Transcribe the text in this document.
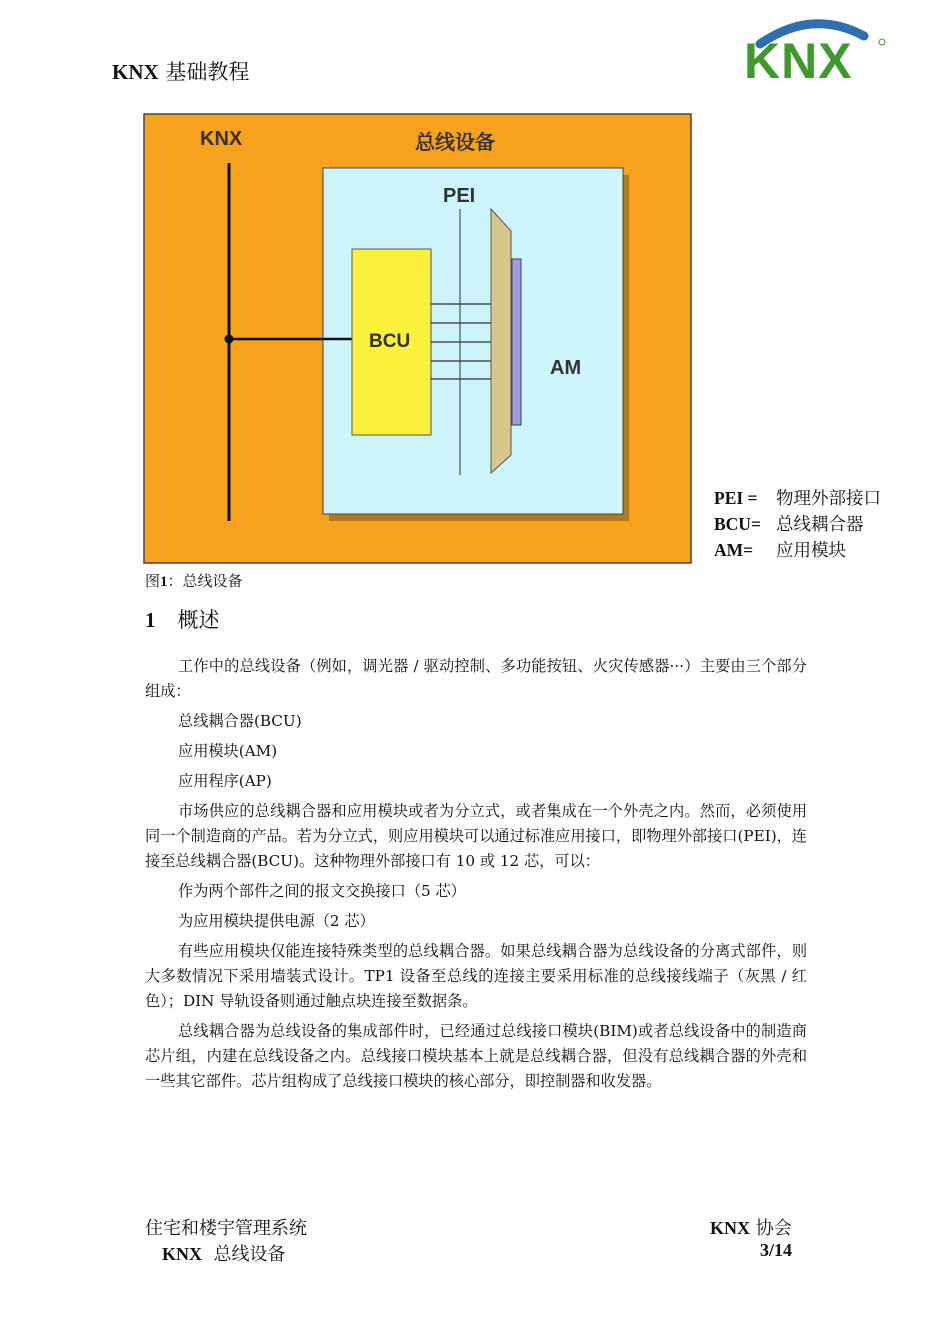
KNX 基础教程	KNX
KNX	总线设备
BCU
PEI
AM
PEI = 物理外部接口
BCU= 总线耦合器
AM= 应用模块
图1：总线设备
1 概述

工作中的总线设备（例如，调光器 / 驱动控制、多功能按钮、火灾传感器···）主要由三个部分组成：

总线耦合器(BCU)

应用模块(AM)

应用程序(AP)

市场供应的总线耦合器和应用模块或者为分立式，或者集成在一个外壳之内。然而，必须使用同一个制造商的产品。若为分立式，则应用模块可以通过标准应用接口，即物理外部接口(PEI)，连接至总线耦合器(BCU)。这种物理外部接口有 10 或 12 芯，可以：

作为两个部件之间的报文交换接口（5 芯）

为应用模块提供电源（2 芯）

有些应用模块仅能连接特殊类型的总线耦合器。如果总线耦合器为总线设备的分离式部件，则大多数情况下采用墙装式设计。TP1 设备至总线的连接主要采用标准的总线接线端子（灰黑 / 红色）；DIN 导轨设备则通过触点块连接至数据条。

总线耦合器为总线设备的集成部件时，已经通过总线接口模块(BIM)或者总线设备中的制造商芯片组，内建在总线设备之内。总线接口模块基本上就是总线耦合器，但没有总线耦合器的外壳和一些其它部件。芯片组构成了总线接口模块的核心部分，即控制器和收发器。

住宅和楼宇管理系统
KNX 总线设备
KNX 协会
3/14
